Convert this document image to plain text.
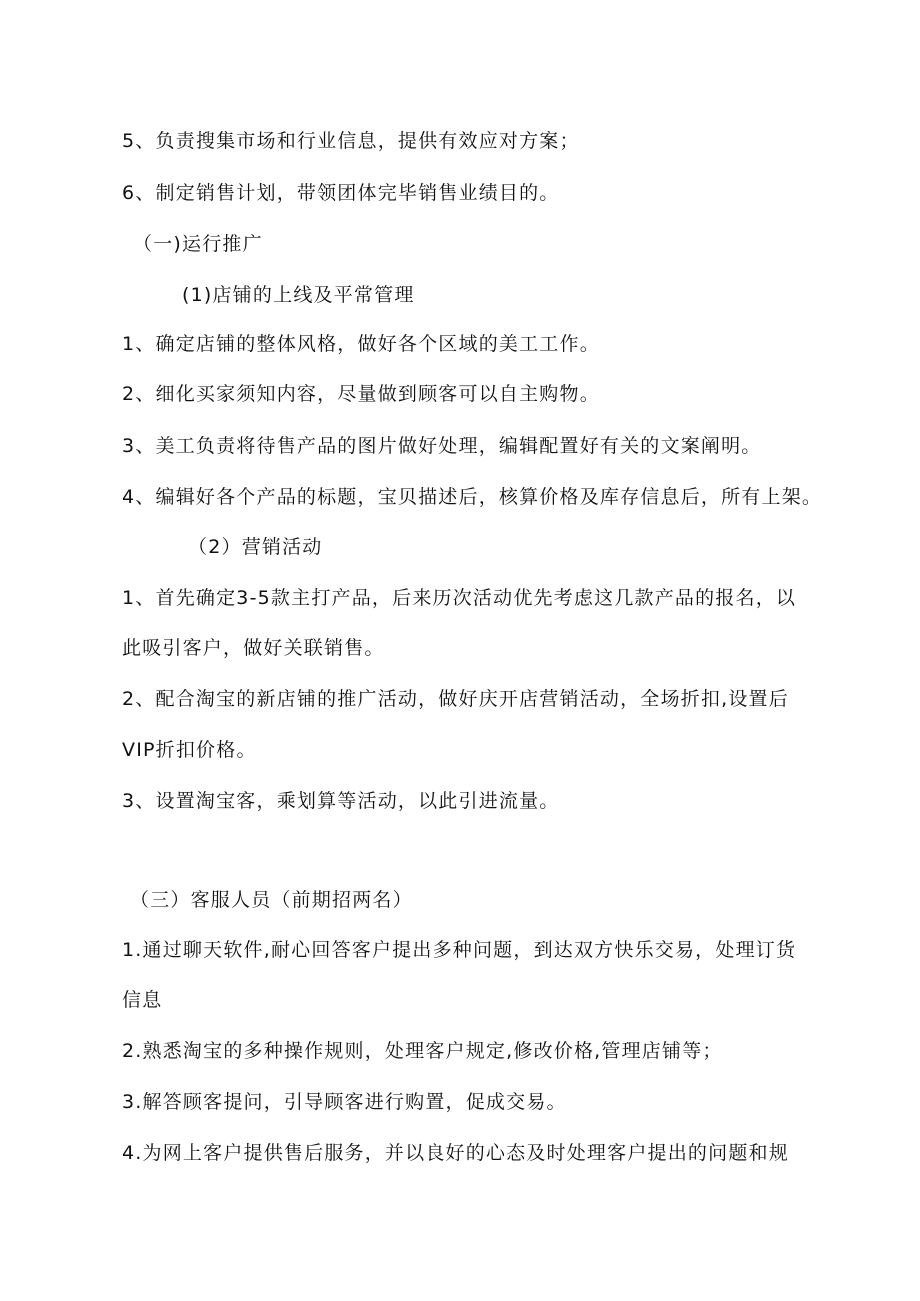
5、负责搜集市场和行业信息，提供有效应对方案；
6、制定销售计划，带领团体完毕销售业绩目的。
（一)运行推广
(1)店铺的上线及平常管理
1、确定店铺的整体风格，做好各个区域的美工工作。
2、细化买家须知内容，尽量做到顾客可以自主购物。
3、美工负责将待售产品的图片做好处理，编辑配置好有关的文案阐明。
4、编辑好各个产品的标题，宝贝描述后，核算价格及库存信息后，所有上架。
（2）营销活动
1、首先确定3-5款主打产品，后来历次活动优先考虑这几款产品的报名，以
此吸引客户，做好关联销售。
2、配合淘宝的新店铺的推广活动，做好庆开店营销活动，全场折扣,设置后
VIP折扣价格。
3、设置淘宝客，乘划算等活动，以此引进流量。
（三）客服人员（前期招两名）
1.通过聊天软件,耐心回答客户提出多种问题，到达双方快乐交易，处理订货
信息
2.熟悉淘宝的多种操作规则，处理客户规定,修改价格,管理店铺等；
3.解答顾客提问，引导顾客进行购置，促成交易。
4.为网上客户提供售后服务，并以良好的心态及时处理客户提出的问题和规
